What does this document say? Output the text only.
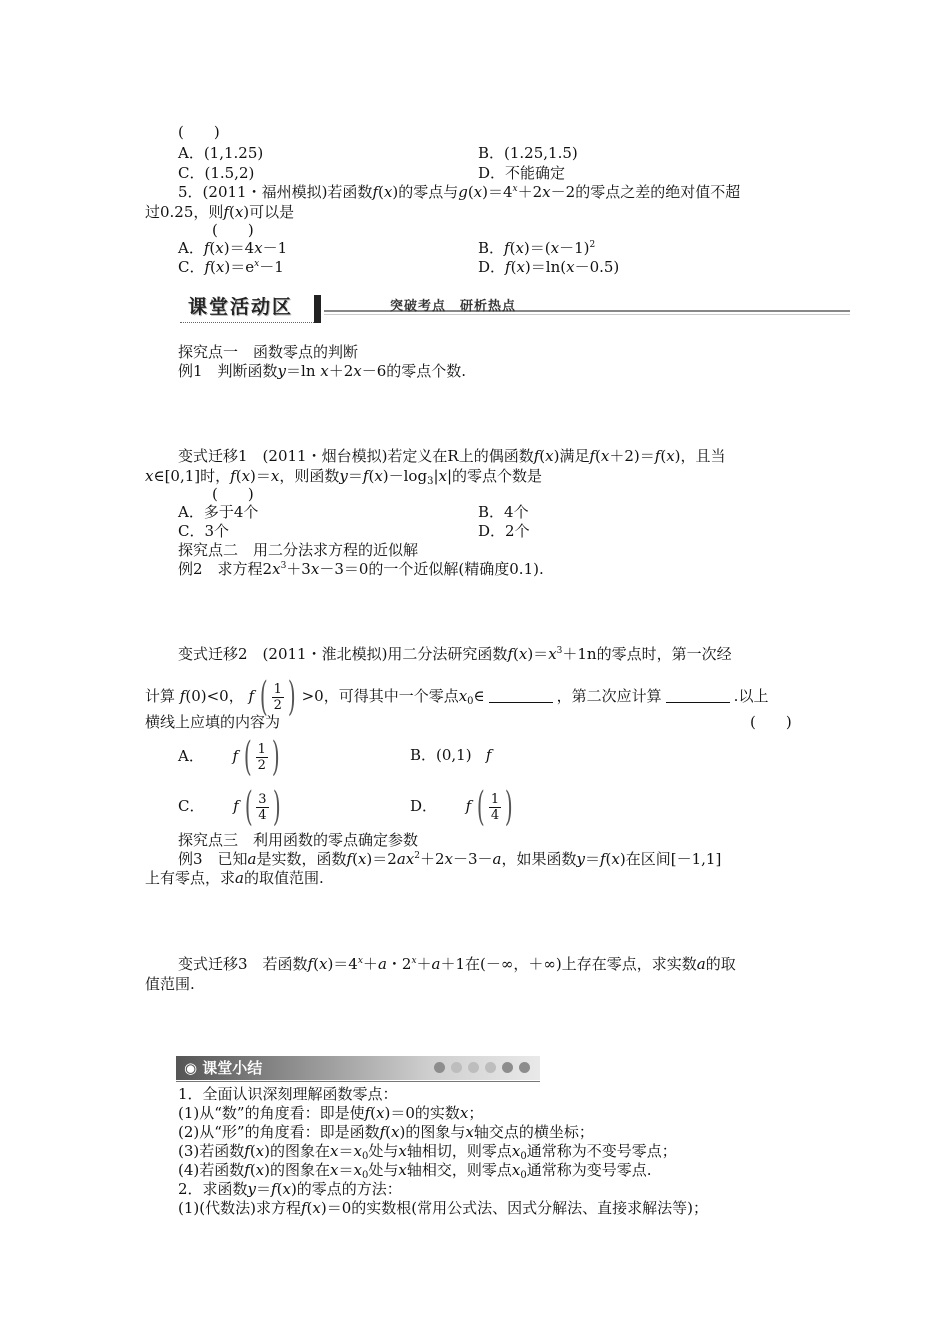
(　　)
A．(1,1.25)	B．(1.25,1.5)
C．(1.5,2)	D．不能确定
5．(2011・福州模拟)若函数f(x)的零点与$g(x)=4^x+2x-2$的零点之差的绝对值不超
过0.25，则f(x)可以是
(　　)
A．f(x)＝4x－1	B．$f(x)=(x-1)^2$
C．$f(x)=e^x-1$	D．f(x)＝ln(x－0.5)
课堂活动区	突破考点　研析热点
探究点一　函数零点的判断
例1　判断函数y＝ln x＋2x－6的零点个数.
变式迁移1　(2011・烟台模拟)若定义在R上的偶函数f(x)满足f(x＋2)＝f(x)，且当
x∈[0,1]时，f(x)＝x，则函数$y=f(x)-\log_3|x|$的零点个数是
(　　)
A．多于4个	B．4个
C．3个	D．2个
探究点二　用二分法求方程的近似解
例2　求方程$2x^3+3x-3=0$的一个近似解(精确度0.1).
变式迁移2　(2011・淮北模拟)用二分法研究函数$f(x)=x^3+1n$的零点时，第一次经
计算 f(0)<0， f ( $\frac{1}{2}$ ) >0，可得其中一个零点$x_0\in$	，第二次应计算	.以上
横线上应填的内容为	(　　)
A． f ( $\frac{1}{2}$ )	B．(0,1) f
C． f ( $\frac{3}{4}$ )	D． f ( $\frac{1}{4}$ )
探究点三　利用函数的零点确定参数
例3　已知a是实数，函数$f(x)=2ax^2+2x-3-a$，如果函数y＝f(x)在区间[－1,1]
上有零点，求a的取值范围.
变式迁移3　若函数$f(x)=4^x+a$・$2^x+a+1$在(－∞，＋∞)上存在零点，求实数a的取
值范围.
◉ 课堂小结
1．全面认识深刻理解函数零点：
(1)从“数”的角度看：即是使f(x)＝0的实数x；
(2)从“形”的角度看：即是函数f(x)的图象与x轴交点的横坐标；
(3)若函数f(x)的图象在$x=x_0$处与x轴相切，则零点$x_0$通常称为不变号零点；
(4)若函数f(x)的图象在$x=x_0$处与x轴相交，则零点$x_0$通常称为变号零点.
2．求函数y＝f(x)的零点的方法：
(1)(代数法)求方程f(x)＝0的实数根(常用公式法、因式分解法、直接求解法等)；
